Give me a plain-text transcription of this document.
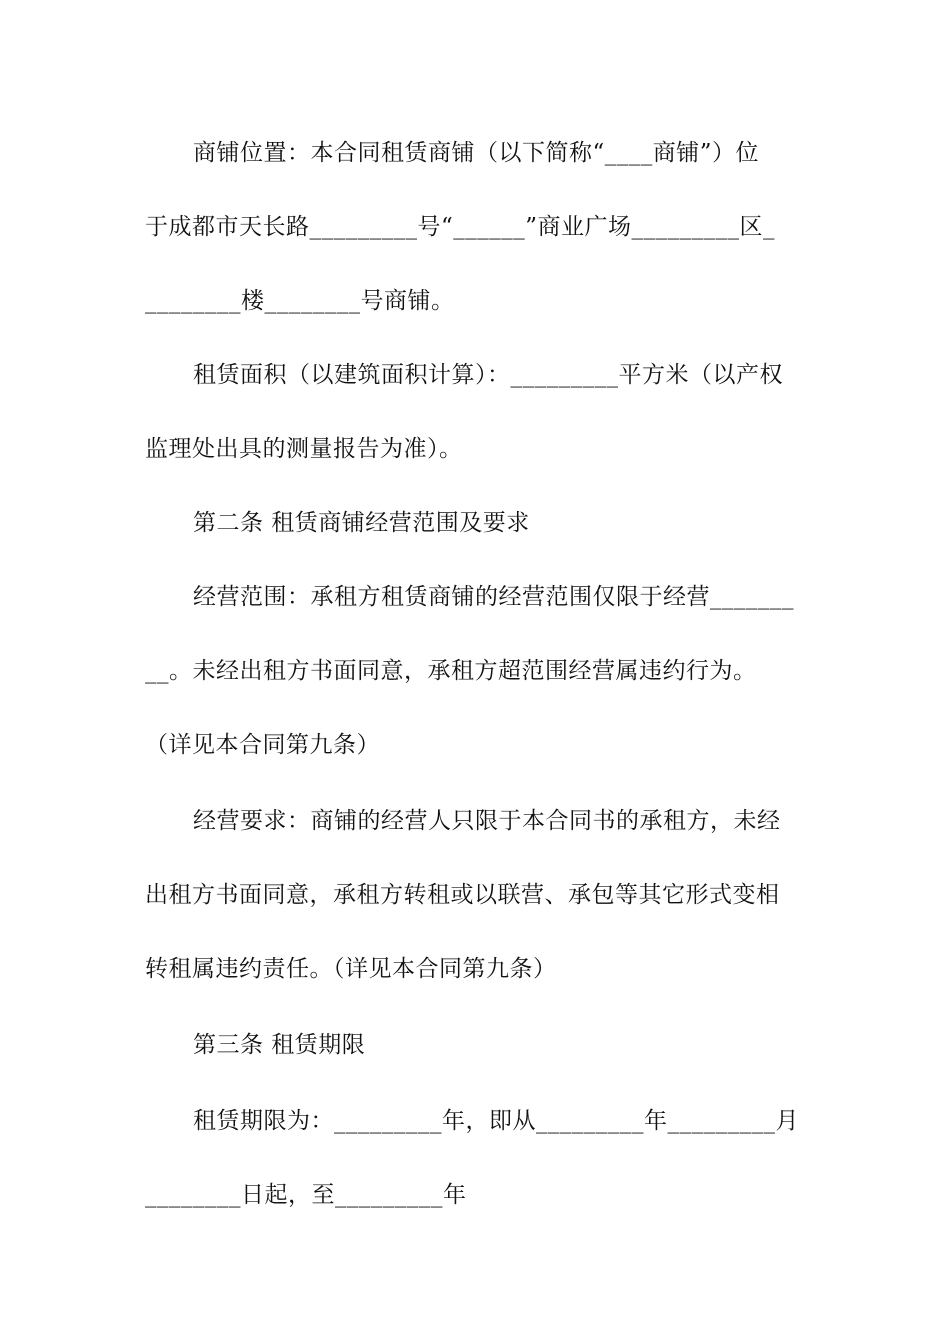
商铺位置：本合同租赁商铺（以下简称“____商铺”）位
于成都市天长路_________号“______”商业广场_________区_
________楼________号商铺。
租赁面积（以建筑面积计算）：_________平方米（以产权
监理处出具的测量报告为准）。
第二条 租赁商铺经营范围及要求
经营范围：承租方租赁商铺的经营范围仅限于经营_______
__。未经出租方书面同意，承租方超范围经营属违约行为。
（详见本合同第九条）
经营要求：商铺的经营人只限于本合同书的承租方，未经
出租方书面同意，承租方转租或以联营、承包等其它形式变相
转租属违约责任。（详见本合同第九条）
第三条 租赁期限
租赁期限为：_________年，即从_________年_________月
________日起，至_________年
